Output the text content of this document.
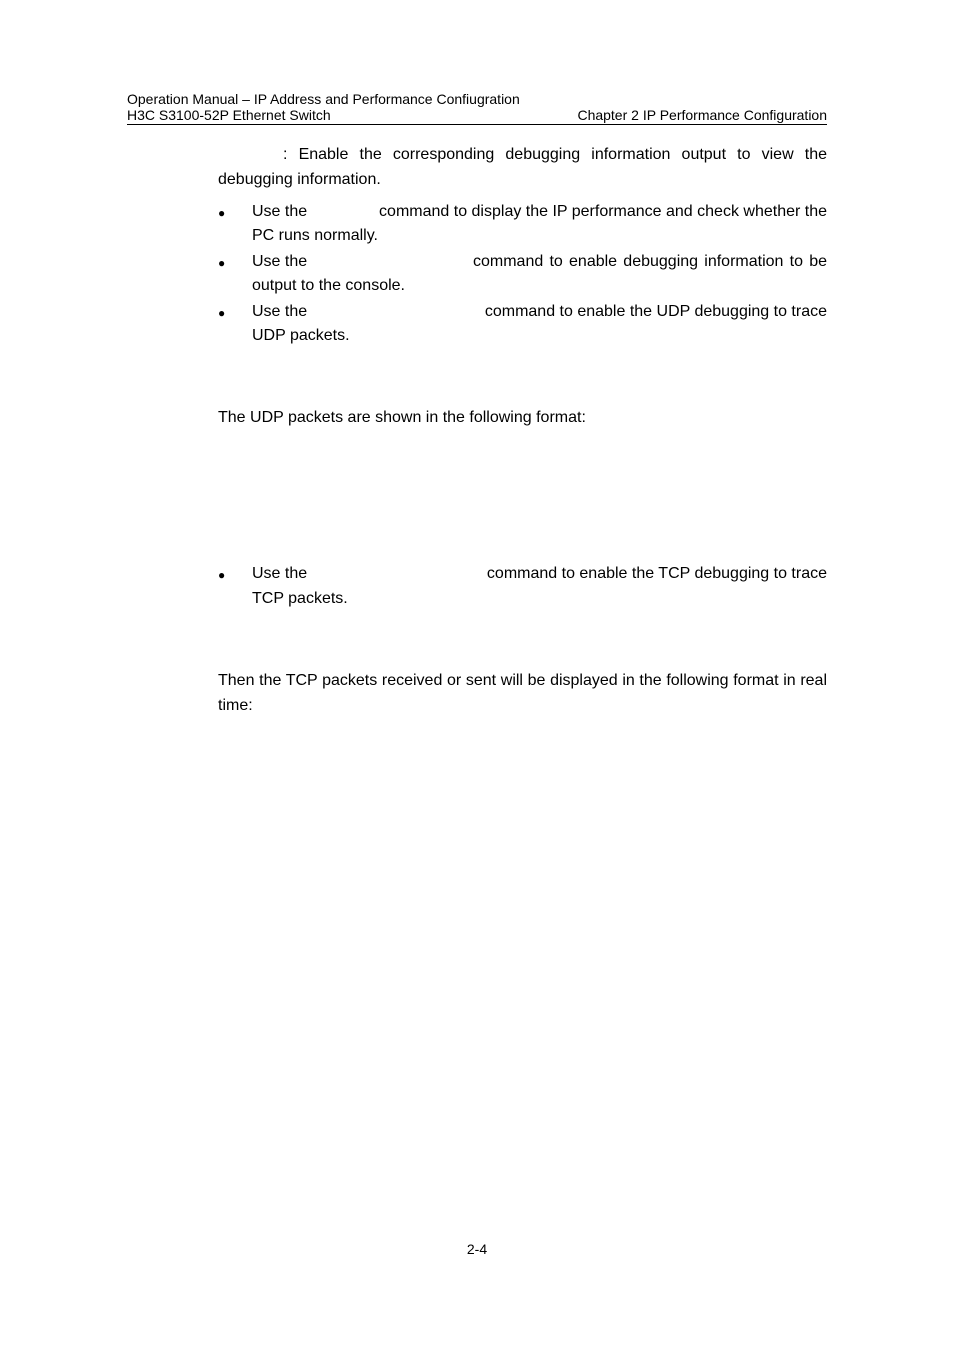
Operation Manual – IP Address and Performance Confiugration
H3C S3100-52P Ethernet Switch	Chapter 2 IP Performance Configuration
: Enable the corresponding debugging information output to view the
debugging information.
● Use the	command to display the IP performance and check whether the
PC runs normally.
● Use the	command to enable debugging information to be
output to the console.
● Use the	command to enable the UDP debugging to trace
UDP packets.
The UDP packets are shown in the following format:
● Use the	command to enable the TCP debugging to trace
TCP packets.
Then the TCP packets received or sent will be displayed in the following format in real
time:
2-4
